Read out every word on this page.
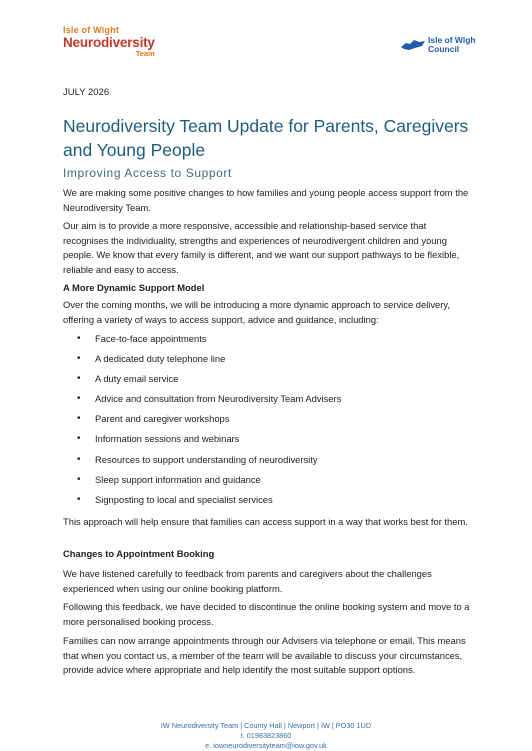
Isle of Wight
Neurodiversity
Team
Isle of Wigh
Council
JULY 2026
Neurodiversity Team Update for Parents, Caregivers and Young People
Improving Access to Support
We are making some positive changes to how families and young people access support from the Neurodiversity Team.
Our aim is to provide a more responsive, accessible and relationship-based service that recognises the individuality, strengths and experiences of neurodivergent children and young people. We know that every family is different, and we want our support pathways to be flexible, reliable and easy to access.
A More Dynamic Support Model
Over the coming months, we will be introducing a more dynamic approach to service delivery, offering a variety of ways to access support, advice and guidance, including:
• Face-to-face appointments
• A dedicated duty telephone line
• A duty email service
• Advice and consultation from Neurodiversity Team Advisers
• Parent and caregiver workshops
• Information sessions and webinars
• Resources to support understanding of neurodiversity
• Sleep support information and guidance
• Signposting to local and specialist services
This approach will help ensure that families can access support in a way that works best for them.
Changes to Appointment Booking
We have listened carefully to feedback from parents and caregivers about the challenges experienced when using our online booking platform.
Following this feedback, we have decided to discontinue the online booking system and move to a more personalised booking process.
Families can now arrange appointments through our Advisers via telephone or email. This means that when you contact us, a member of the team will be available to discuss your circumstances, provide advice where appropriate and help identify the most suitable support options.
IW Neurodiversity Team | County Hall | Newport | IW | PO30 1UD
t. 01983823860
e. iowneurodiversityteam@iow.gov.uk
